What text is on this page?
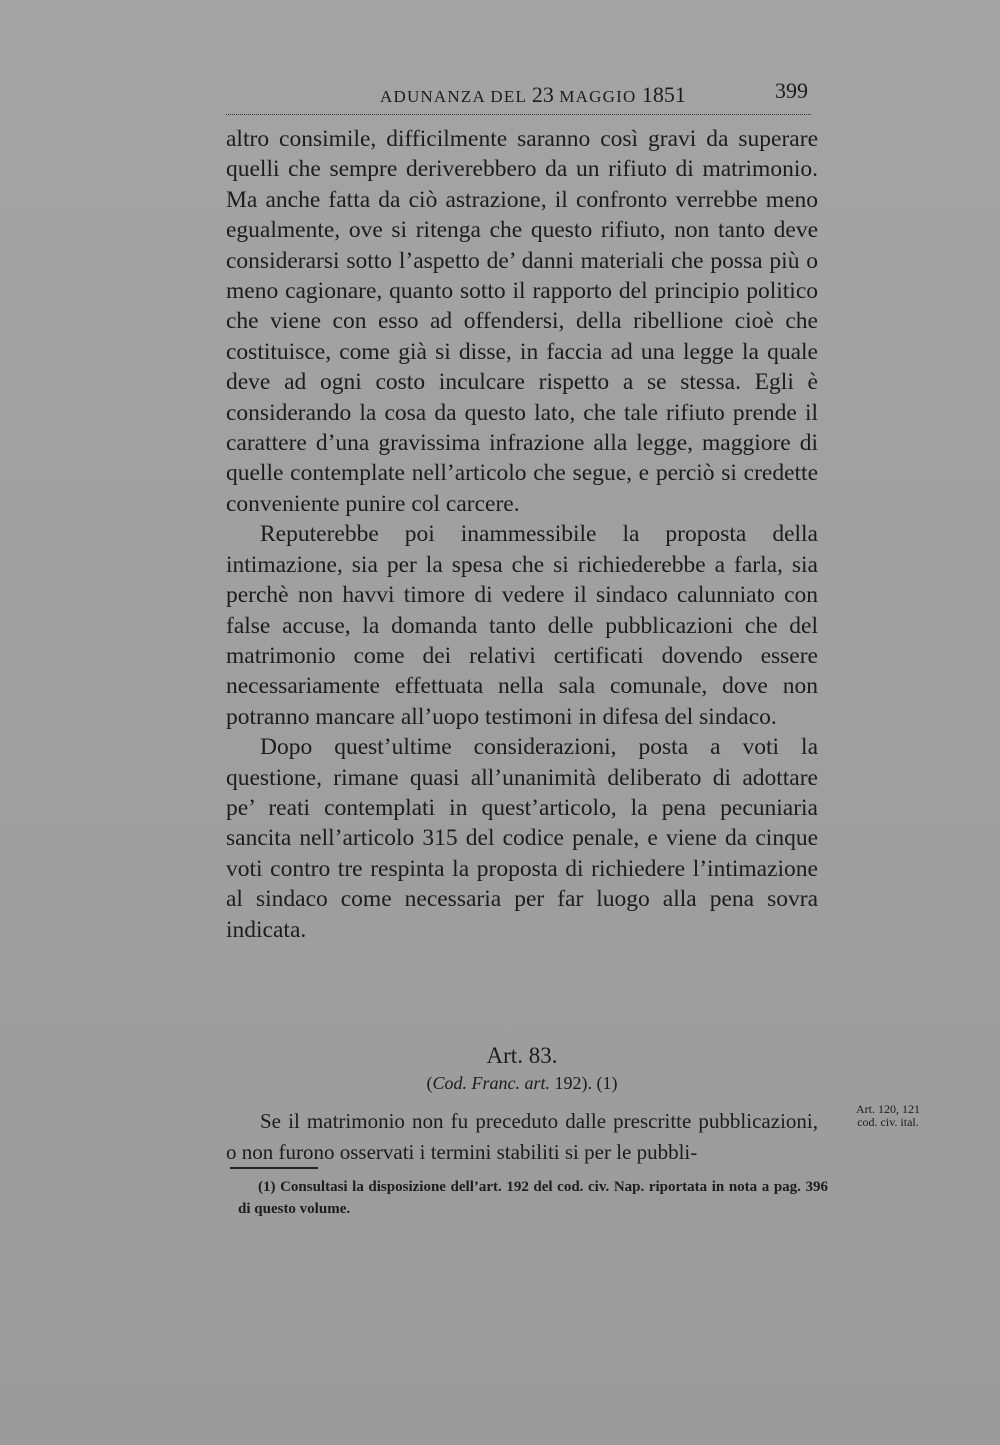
ADUNANZA DEL 23 MAGGIO 1851	399

altro consimile, difficilmente saranno così gravi da superare quelli che sempre deriverebbero da un rifiuto di matrimonio. Ma anche fatta da ciò astrazione, il confronto verrebbe meno egualmente, ove si ritenga che questo rifiuto, non tanto deve considerarsi sotto l’aspetto de’ danni materiali che possa più o meno cagionare, quanto sotto il rapporto del principio politico che viene con esso ad offendersi, della ribellione cioè che costituisce, come già si disse, in faccia ad una legge la quale deve ad ogni costo inculcare rispetto a se stessa. Egli è considerando la cosa da questo lato, che tale rifiuto prende il carattere d’una gravissima infrazione alla legge, maggiore di quelle contemplate nell’articolo che segue, e perciò si credette conveniente punire col carcere.

Reputerebbe poi inammessibile la proposta della intimazione, sia per la spesa che si richiederebbe a farla, sia perchè non havvi timore di vedere il sindaco calunniato con false accuse, la domanda tanto delle pubblicazioni che del matrimonio come dei relativi certificati dovendo essere necessariamente effettuata nella sala comunale, dove non potranno mancare all’uopo testimoni in difesa del sindaco.

Dopo quest’ultime considerazioni, posta a voti la questione, rimane quasi all’unanimità deliberato di adottare pe’ reati contemplati in quest’articolo, la pena pecuniaria sancita nell’articolo 315 del codice penale, e viene da cinque voti contro tre respinta la proposta di richiedere l’intimazione al sindaco come necessaria per far luogo alla pena sovra indicata.

Art. 83.
(Cod. Franc. art. 192). (1)
Se il matrimonio non fu preceduto dalle prescritte pubblicazioni, o non furono osservati i termini stabiliti si per le pubbli-
Art. 120, 121
cod. civ. ital.
(1) Consultasi la disposizione dell’art. 192 del cod. civ. Nap. riportata in nota a pag. 396 di questo volume.
